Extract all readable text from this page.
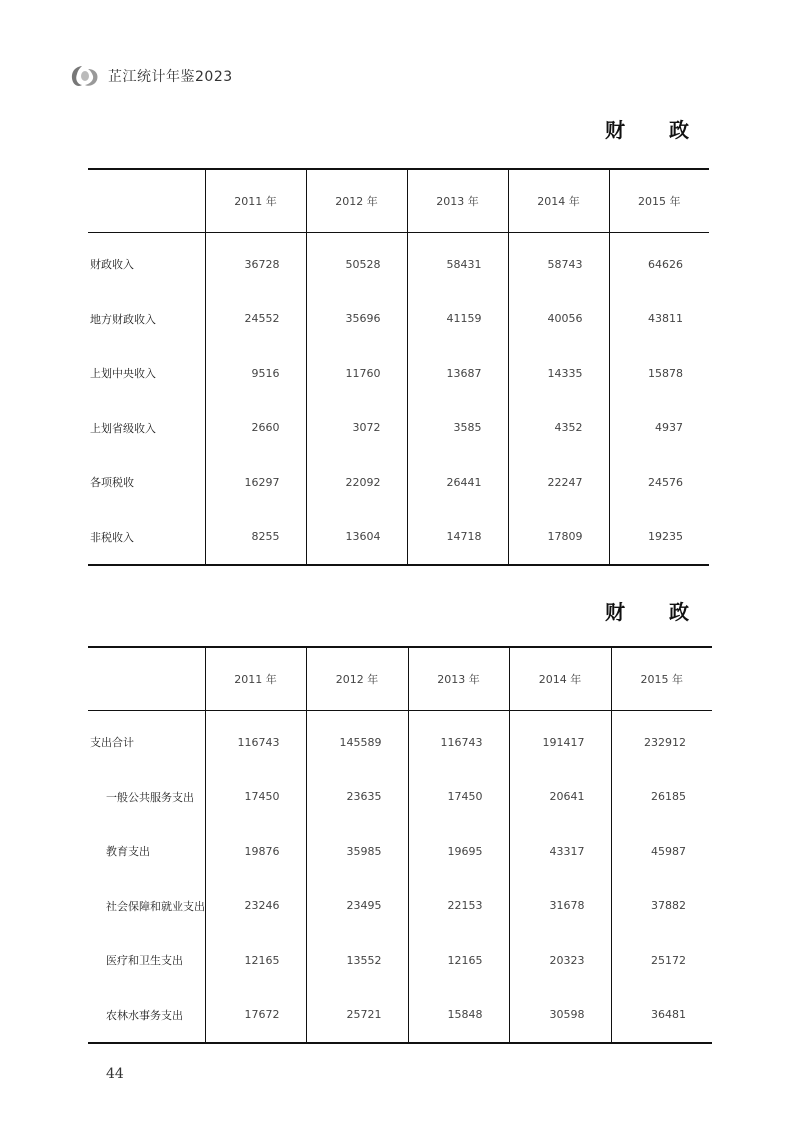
芷江统计年鉴2023
财　政
	2011 年	2012 年	2013 年	2014 年	2015 年
财政收入	36728	50528	58431	58743	64626
地方财政收入	24552	35696	41159	40056	43811
上划中央收入	9516	11760	13687	14335	15878
上划省级收入	2660	3072	3585	4352	4937
各项税收	16297	22092	26441	22247	24576
非税收入	8255	13604	14718	17809	19235
财　政
	2011 年	2012 年	2013 年	2014 年	2015 年
支出合计	116743	145589	116743	191417	232912
一般公共服务支出	17450	23635	17450	20641	26185
教育支出	19876	35985	19695	43317	45987
社会保障和就业支出	23246	23495	22153	31678	37882
医疗和卫生支出	12165	13552	12165	20323	25172
农林水事务支出	17672	25721	15848	30598	36481
44
